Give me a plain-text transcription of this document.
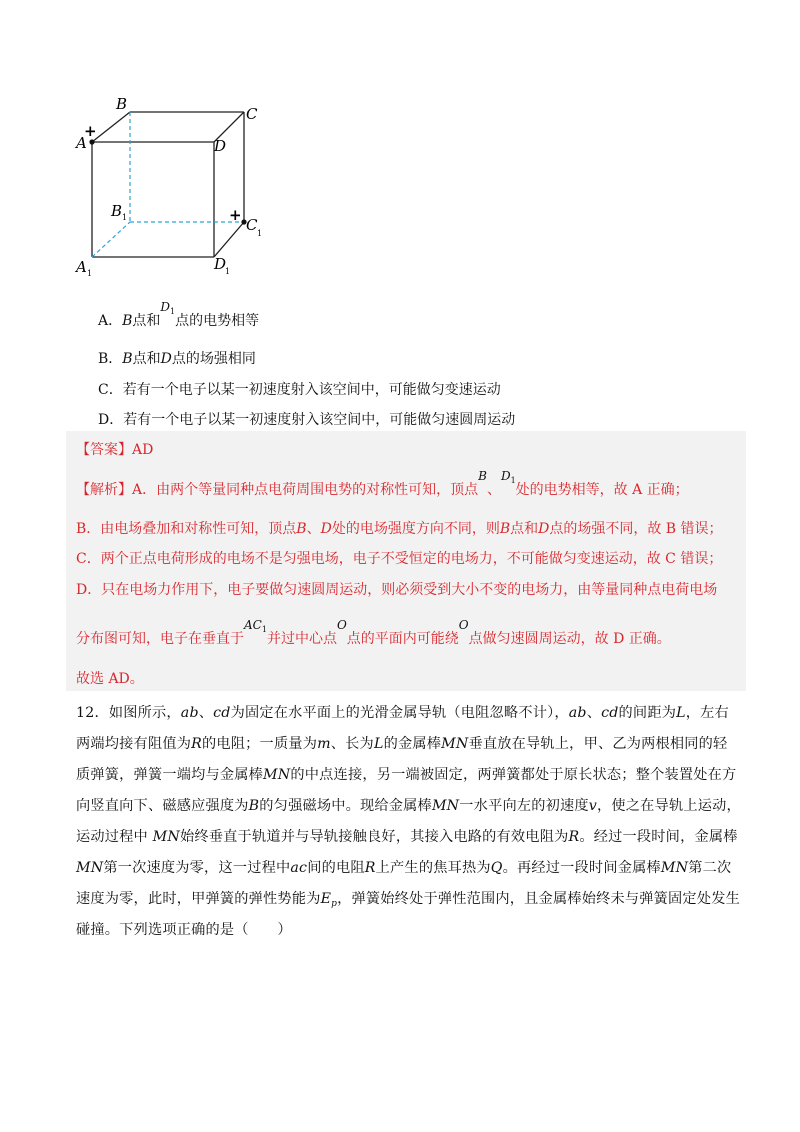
+
+
A
B
C
D
B 1	C 1
A 1
D
1
A．B点和$D_1$点的电势相等
B．B点和D点的场强相同
C．若有一个电子以某一初速度射入该空间中，可能做匀变速运动
D．若有一个电子以某一初速度射入该空间中，可能做匀速圆周运动
【答案】AD
【解析】A．由两个等量同种点电荷周围电势的对称性可知，顶点B、$D_1$处的电势相等，故 A 正确；
B．由电场叠加和对称性可知，顶点B、D处的电场强度方向不同，则B点和D点的场强不同，故 B 错误；
C．两个正点电荷形成的电场不是匀强电场，电子不受恒定的电场力，不可能做匀变速运动，故 C 错误；
D．只在电场力作用下，电子要做匀速圆周运动，则必须受到大小不变的电场力，由等量同种点电荷电场
分布图可知，电子在垂直于$AC_1$并过中心点O点的平面内可能绕O点做匀速圆周运动，故 D 正确。
故选 AD。
12．如图所示，ab、cd为固定在水平面上的光滑金属导轨（电阻忽略不计），ab、cd的间距为L，左右
两端均接有阻值为R的电阻；一质量为m、长为L的金属棒MN垂直放在导轨上，甲、乙为两根相同的轻
质弹簧，弹簧一端均与金属棒MN的中点连接，另一端被固定，两弹簧都处于原长状态；整个装置处在方
向竖直向下、磁感应强度为B的匀强磁场中。现给金属棒MN一水平向左的初速度v，使之在导轨上运动，
运动过程中 MN始终垂直于轨道并与导轨接触良好，其接入电路的有效电阻为R。经过一段时间，金属棒
MN第一次速度为零，这一过程中ac间的电阻R上产生的焦耳热为Q。再经过一段时间金属棒MN第二次
速度为零，此时，甲弹簧的弹性势能为$E_p$，弹簧始终处于弹性范围内，且金属棒始终未与弹簧固定处发生
碰撞。下列选项正确的是（　　）
